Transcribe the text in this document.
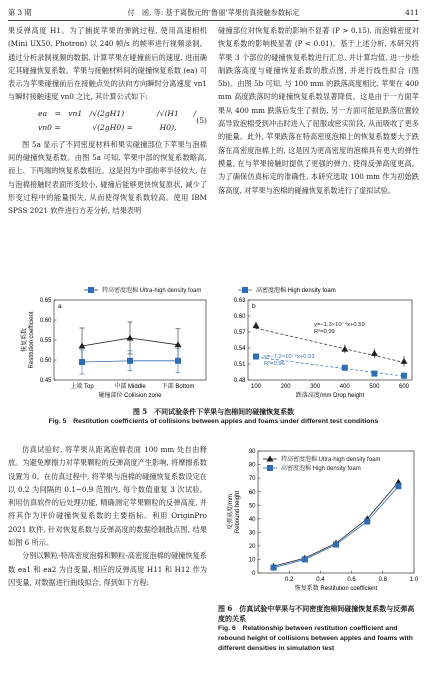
第 3 期	付　函, 等: 基于离散元的‘鲁丽’苹果仿真接触参数标定	411

果反弹高度 H1。为了捕捉苹果的弹跳过程, 使用高速相机 (Mini UX50, Photron) 以 240 帧/s 的帧率进行视频录制。通过分析录制视频的数据, 计算苹果在碰撞前后的速度, 进而确定其碰撞恢复系数。苹果与接触材料间的碰撞恢复系数 (ea) 可表示为苹果碰撞前后在接触点处的法向方向瞬时分离速度 vn1 与瞬时接触速度 vn0 之比, 其计算公式如下:

ea = vn1 / vn0 =
√(2gH1) / √(2gH0) =
√(H1 / H0),
(5)

图 5a 显示了不同密度材料和果实碰撞部位下苹果与泡棉间的碰撞恢复系数。由图 5a 可知, 苹果中部的恢复系数略高, 而上、下两端的恢复系数相近。这是因为中部曲率半径较大, 在与泡棉接触时表面形变较小, 碰撞后能够更快恢复原状, 减少了形变过程中的能量损失, 从而使得恢复系数较高。使用 IBM SPSS 2021 软件进行方差分析, 结果表明

碰撞部位对恢复系数的影响不显著 (P > 0.15), 而泡棉密度对恢复系数的影响极显著 (P < 0.01)。基于上述分析, 本研究将苹果 3 个部位的碰撞恢复系数进行汇总, 并计算均值, 进一步绘制跌落高度与碰撞恢复系数的散点图, 并进行线性拟合 (图 5b)。由图 5b 可知, 与 100 mm 的跌落高度相比, 苹果在 400 mm 高度跌落时的碰撞恢复系数显著降低。这是由于一方面苹果从 400 mm 跌落后发生了损伤, 另一方面可能是跌落位置较高导致泡棉受到冲击时进入了屈服或密实阶段, 从而吸收了更多的能量。此外, 苹果跌落在特高密度泡棉上的恢复系数要大于跌落在高密度泡棉上的, 这是因为更高密度的泡棉具有更大的弹性模量, 在与苹果接触时提供了更强的弹力, 使得反弹高度更高。为了确保仿真标定的准确性, 本研究选取 100 mm 作为初始跌落高度, 对苹果与泡棉的碰撞恢复系数进行了虚拟试验。

特高密度泡棉 Ultra-high density foam	高密度泡棉 High density foam
a
0.45
0.50
0.55
0.60
0.65
恢复系数 Restitution coefficient
上端 Top	中部 Middle	下部 Bottom
碰撞部位 Collision zone
b
0.48
0.51
0.54
0.57
0.60
0.63
100	200	300	400	500	600
跌落高度/mm Drop height
y=−1.3×10⁻⁴x+0.59
R²=0.99
y=−7.2×10⁻⁵x+0.53
R²=0.96
图 5　不同试验条件下苹果与泡棉间的碰撞恢复系数
Fig. 5　Restitution coefficients of collisions between apples and foams under different test conditions

仿真试验时, 将苹果从距离泡棉表面 100 mm 处自由释放。为避免摩擦力对苹果颗粒的反弹高度产生影响, 将摩擦系数设置为 0。在仿真过程中, 将苹果与泡棉的碰撞恢复系数设定在以 0.2 为间隔的 0.1~0.9 范围内, 每个数值重复 3 次试验。利用仿真软件的后处理功能, 精确测定苹果颗粒的反弹高度, 并将其作为评价碰撞恢复系数的主要指标。利用 OriginPro 2021 软件, 针对恢复系数与反弹高度的数据绘制散点图, 结果如图 6 所示。

分别以颗粒-特高密度泡棉和颗粒-高密度泡棉的碰撞恢复系数 ea1 和 ea2 为自变量, 相应的反弹高度 H11 和 H12 作为因变量, 对数据进行曲线拟合, 得到如下方程:

0
10
20
30
40
50
60
70
80
90
反弹高度/mm Rebound height
0.2	0.4	0.6	0.8	1.0
恢复系数 Restitution coefficient
特高密度泡棉 Ultra-high density foam
高密度泡棉 High density foam
图 6　仿真试验中苹果与不同密度泡棉间碰撞恢复系数与反弹高度的关系
Fig. 6　Relationship between restitution coefficient and rebound height of collisions between apples and foams with different densities in simulation test
